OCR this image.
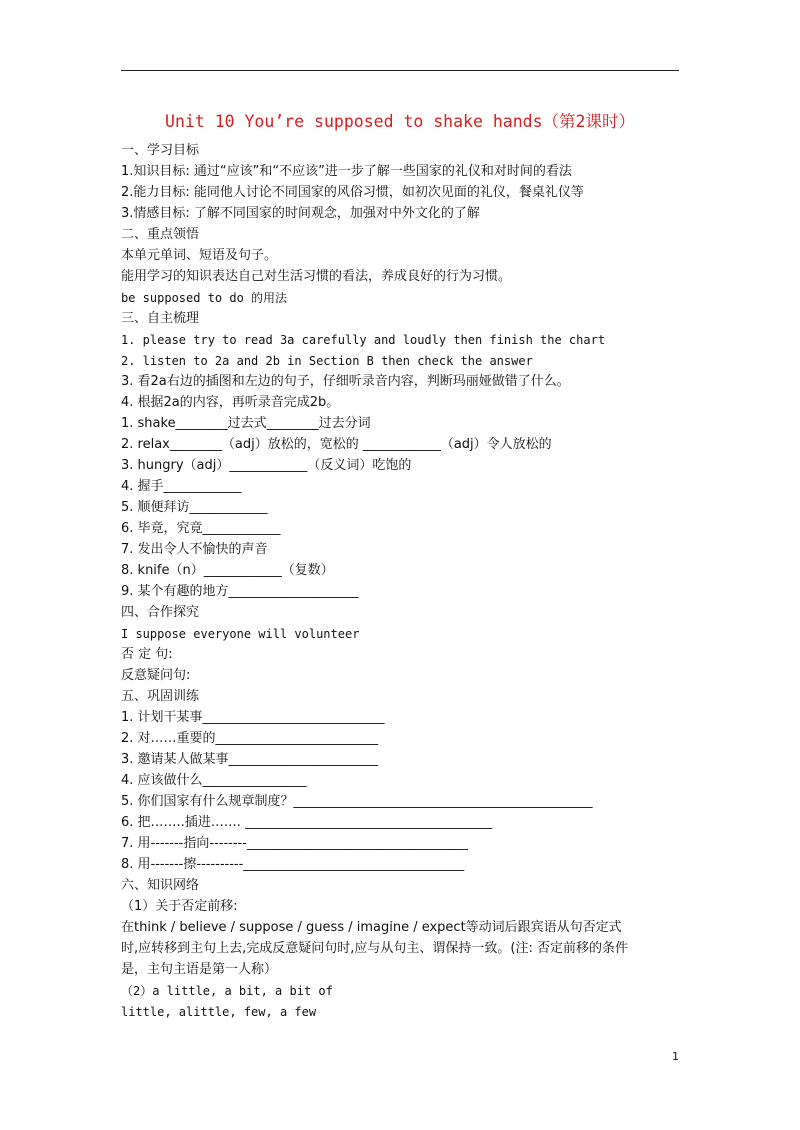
Unit 10 You’re supposed to shake hands（第2课时）
一、学习目标
1.知识目标: 通过“应该”和“不应该”进一步了解一些国家的礼仪和对时间的看法
2.能力目标: 能同他人讨论不同国家的风俗习惯，如初次见面的礼仪，餐桌礼仪等
3.情感目标: 了解不同国家的时间观念，加强对中外文化的了解
二、重点领悟
本单元单词、短语及句子。
能用学习的知识表达自己对生活习惯的看法，养成良好的行为习惯。
be supposed to do 的用法
三、自主梳理
1. please try to read 3a carefully and loudly then finish the chart
2. listen to 2a and 2b in Section B then check the answer
3. 看2a右边的插图和左边的句子，仔细听录音内容，判断玛丽娅做错了什么。
4. 根据2a的内容，再听录音完成2b。
1. shake________过去式________过去分词
2. relax________（adj）放松的，宽松的 ____________（adj）令人放松的
3. hungry（adj）____________（反义词）吃饱的
4. 握手____________
5. 顺便拜访____________
6. 毕竟，究竟____________
7. 发出令人不愉快的声音
8. knife（n）____________（复数）
9. 某个有趣的地方____________________
四、合作探究
I suppose everyone will volunteer
否 定 句:
反意疑问句:
五、巩固训练
1. 计划干某事____________________________
2. 对……重要的_________________________
3. 邀请某人做某事_______________________
4. 应该做什么________________
5. 你们国家有什么规章制度？______________________________________________
6. 把……..插进……. ______________________________________
7. 用-------指向--------__________________________________
8. 用-------擦----------__________________________________
六、知识网络
（1）关于否定前移:
在think / believe / suppose / guess / imagine / expect等动词后跟宾语从句否定式
时,应转移到主句上去,完成反意疑问句时,应与从句主、谓保持一致。(注: 否定前移的条件
是，主句主语是第一人称）
（2）a little, a bit, a bit of
little, alittle, few, a few
1
